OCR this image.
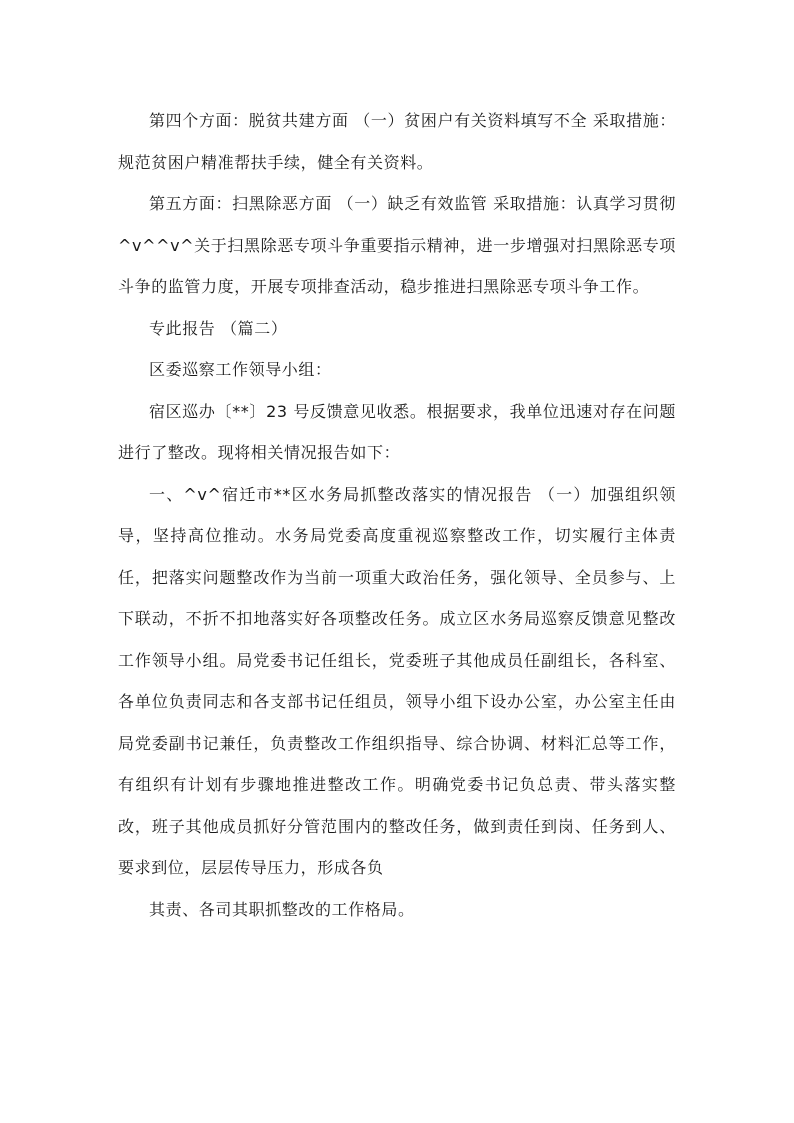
第四个方面：脱贫共建方面 （一）贫困户有关资料填写不全 采取措施：规范贫困户精准帮扶手续，健全有关资料。

第五方面：扫黑除恶方面 （一）缺乏有效监管 采取措施：认真学习贯彻^v^^v^关于扫黑除恶专项斗争重要指示精神，进一步增强对扫黑除恶专项斗争的监管力度，开展专项排查活动，稳步推进扫黑除恶专项斗争工作。

专此报告 （篇二）

区委巡察工作领导小组：

宿区巡办〔**〕23 号反馈意见收悉。根据要求，我单位迅速对存在问题进行了整改。现将相关情况报告如下：

一、^v^宿迁市**区水务局抓整改落实的情况报告 （一）加强组织领导，坚持高位推动。水务局党委高度重视巡察整改工作，切实履行主体责任，把落实问题整改作为当前一项重大政治任务，强化领导、全员参与、上下联动，不折不扣地落实好各项整改任务。成立区水务局巡察反馈意见整改工作领导小组。局党委书记任组长，党委班子其他成员任副组长，各科室、各单位负责同志和各支部书记任组员，领导小组下设办公室，办公室主任由局党委副书记兼任，负责整改工作组织指导、综合协调、材料汇总等工作，有组织有计划有步骤地推进整改工作。明确党委书记负总责、带头落实整改，班子其他成员抓好分管范围内的整改任务，做到责任到岗、任务到人、要求到位，层层传导压力，形成各负

其责、各司其职抓整改的工作格局。
